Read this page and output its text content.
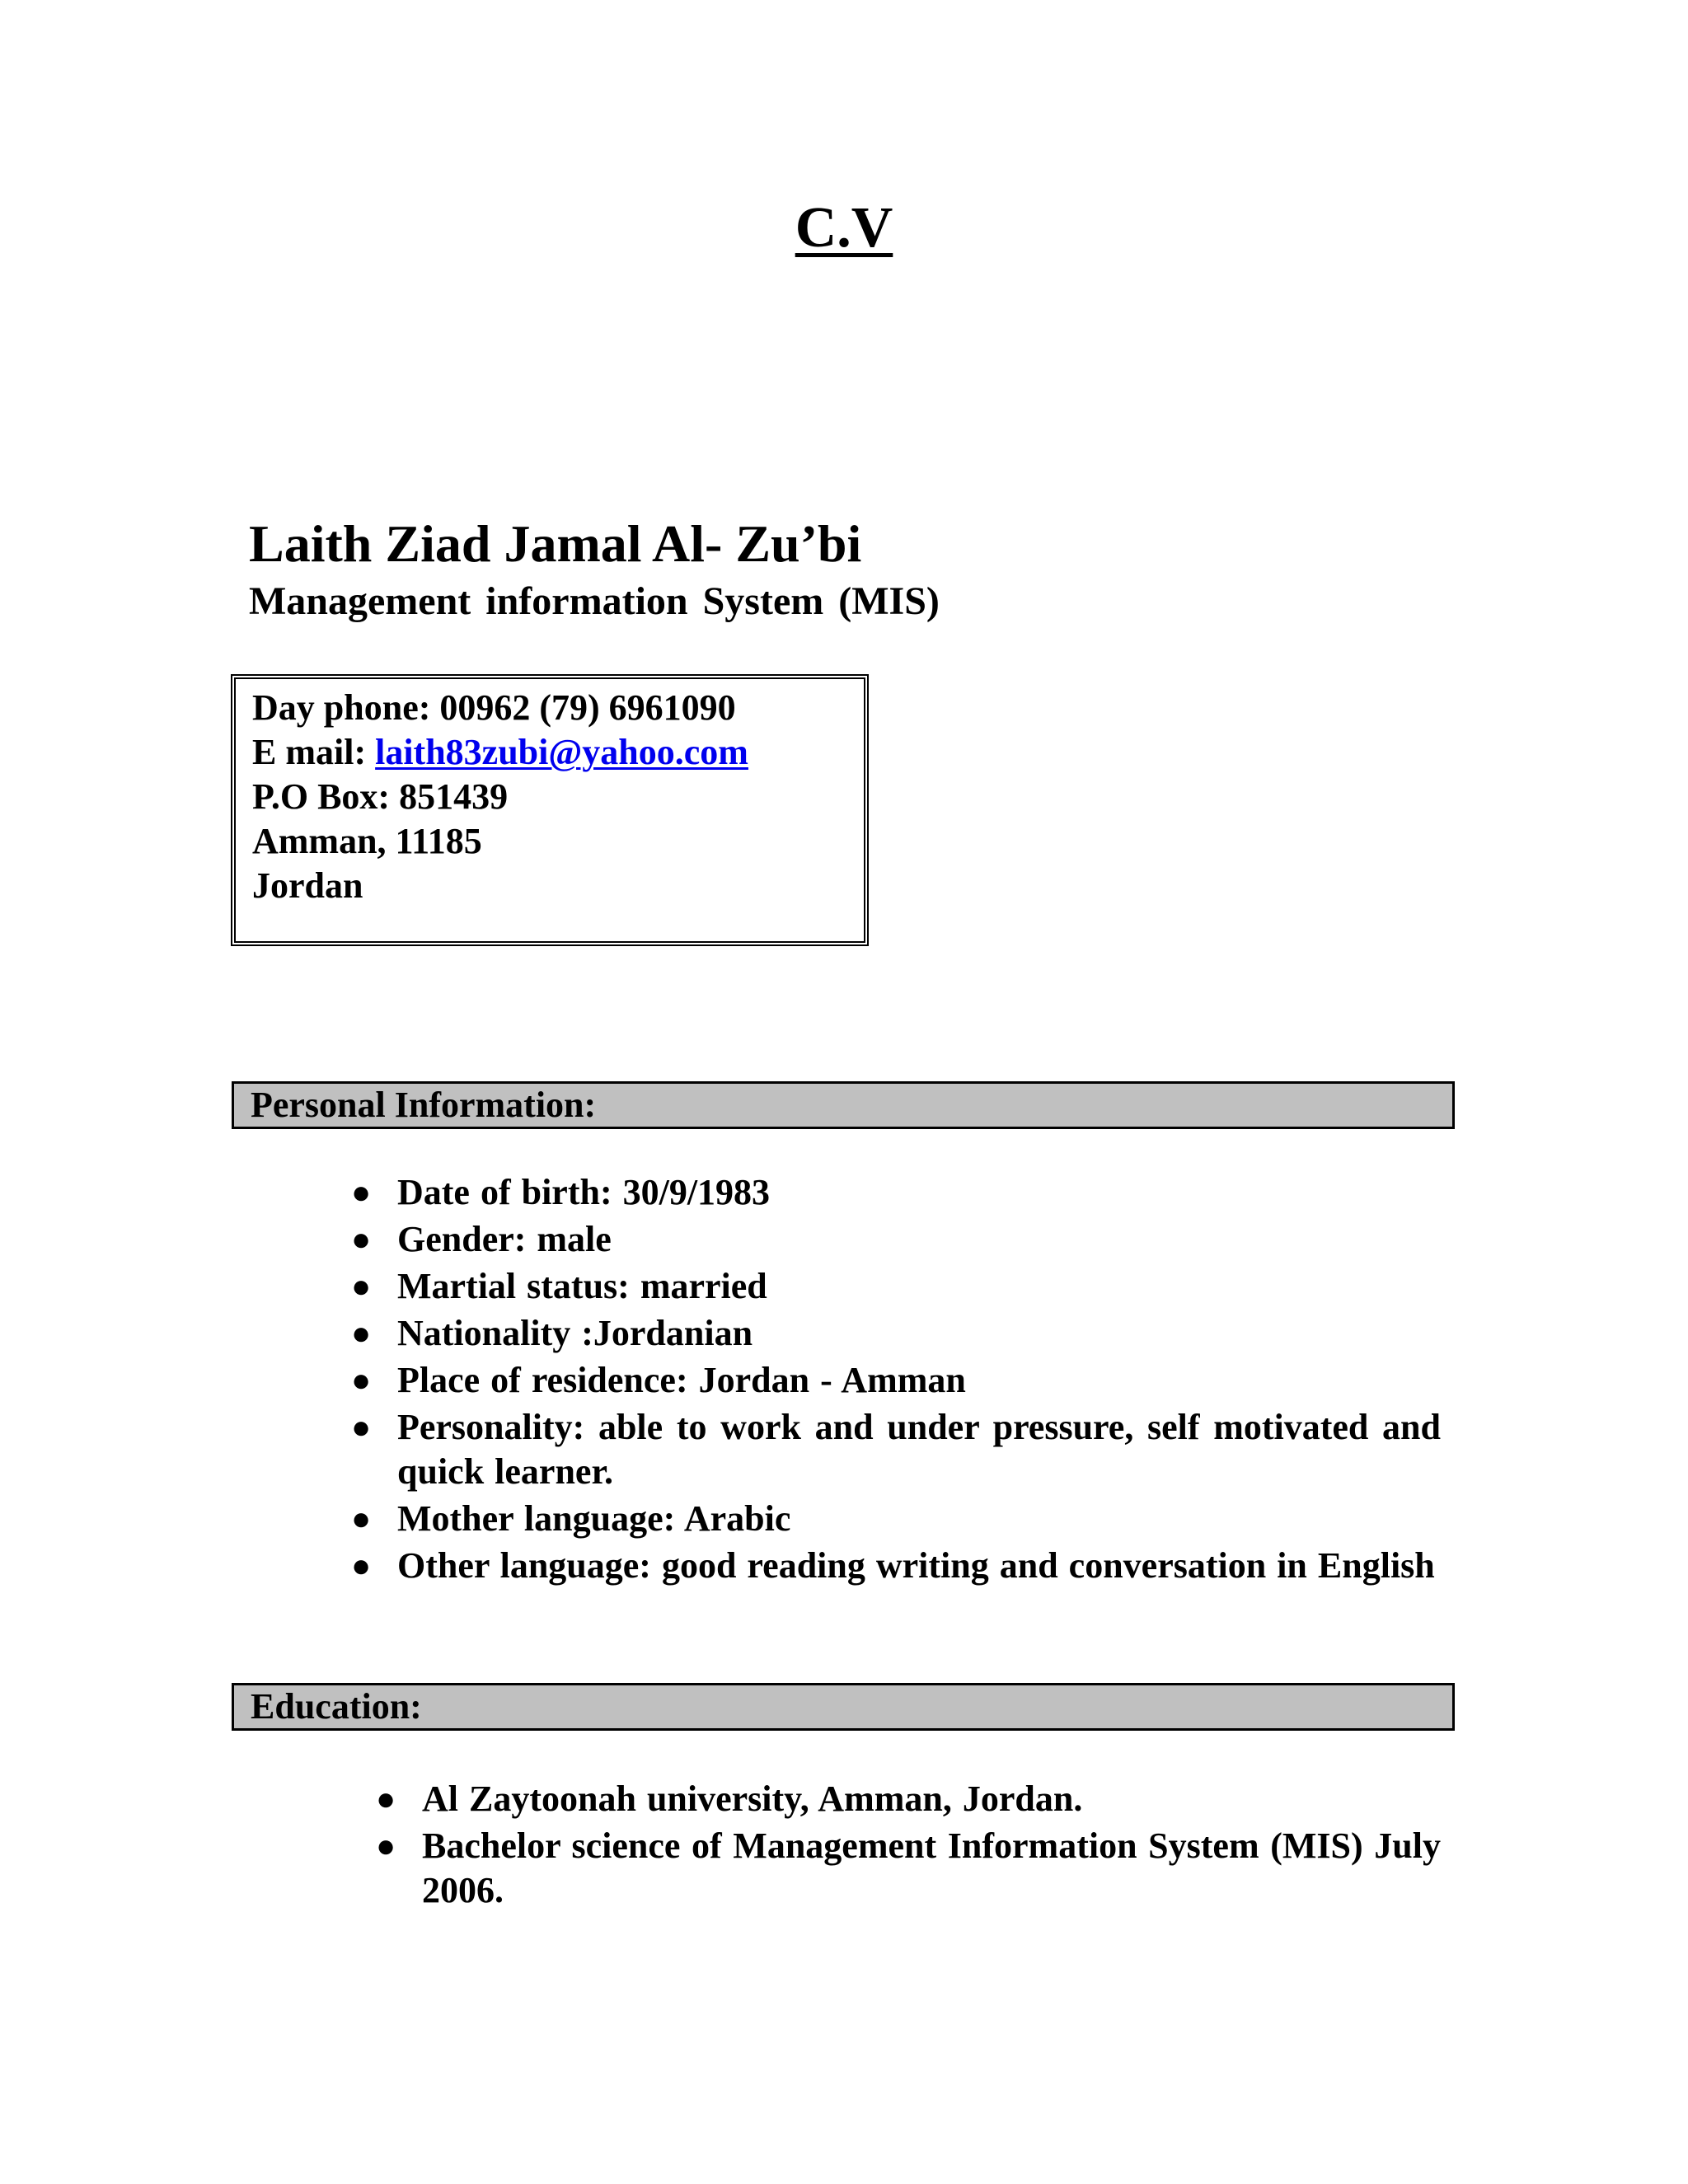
C.V
Laith Ziad Jamal Al- Zu’bi
Management information System (MIS)
Day phone: 00962 (79) 6961090
E mail: laith83zubi@yahoo.com
P.O Box: 851439
Amman, 11185
Jordan
Personal Information:
● Date of birth: 30/9/1983
● Gender: male
● Martial status: married
● Nationality :Jordanian
● Place of residence: Jordan - Amman
● Personality: able to work and under pressure, self motivated and quick learner.
● Mother language: Arabic
● Other language: good reading writing and conversation in English
Education:
● Al Zaytoonah university, Amman, Jordan.
● Bachelor science of Management Information System (MIS) July 2006.
